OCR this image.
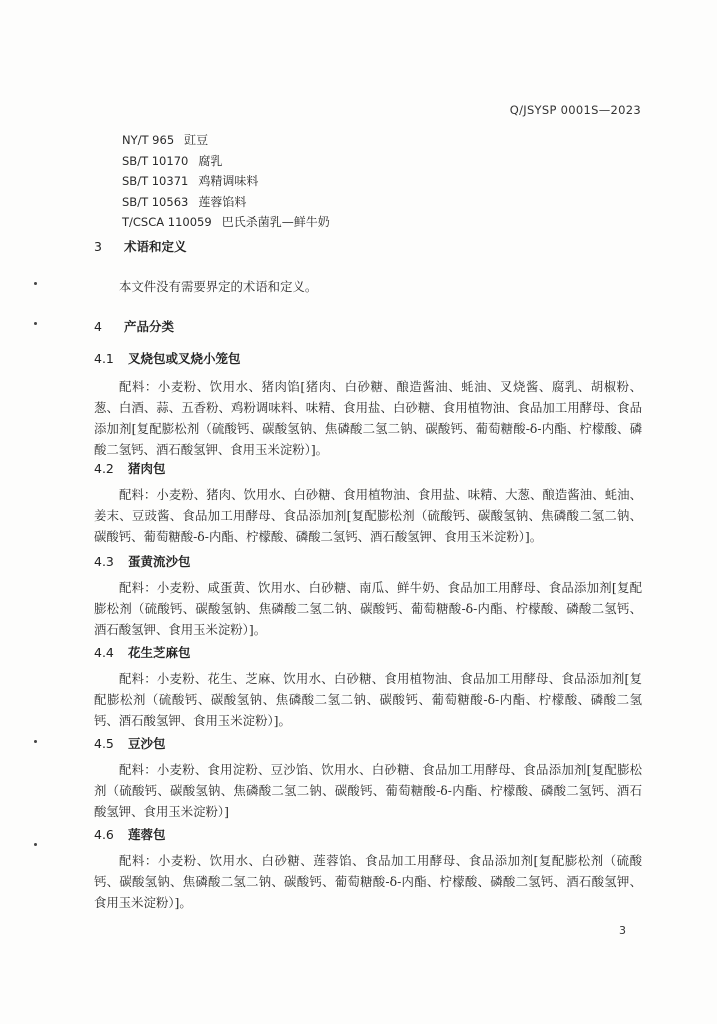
Q/JSYSP 0001S—2023
NY/T 965 豇豆
SB/T 10170 腐乳
SB/T 10371 鸡精调味料
SB/T 10563 莲蓉馅料
T/CSCA 110059 巴氏杀菌乳—鲜牛奶
3 术语和定义

本文件没有需要界定的术语和定义。

4 产品分类
4.1 叉烧包或叉烧小笼包

配料：小麦粉、饮用水、猪肉馅[猪肉、白砂糖、酿造酱油、蚝油、叉烧酱、腐乳、胡椒粉、葱、白酒、蒜、五香粉、鸡粉调味料、味精、食用盐、白砂糖、食用植物油、食品加工用酵母、食品添加剂[复配膨松剂（硫酸钙、碳酸氢钠、焦磷酸二氢二钠、碳酸钙、葡萄糖酸-δ-内酯、柠檬酸、磷酸二氢钙、酒石酸氢钾、食用玉米淀粉）]。

4.2 猪肉包

配料：小麦粉、猪肉、饮用水、白砂糖、食用植物油、食用盐、味精、大葱、酿造酱油、蚝油、姜末、豆豉酱、食品加工用酵母、食品添加剂[复配膨松剂（硫酸钙、碳酸氢钠、焦磷酸二氢二钠、碳酸钙、葡萄糖酸-δ-内酯、柠檬酸、磷酸二氢钙、酒石酸氢钾、食用玉米淀粉）]。

4.3 蛋黄流沙包

配料：小麦粉、咸蛋黄、饮用水、白砂糖、南瓜、鲜牛奶、食品加工用酵母、食品添加剂[复配膨松剂（硫酸钙、碳酸氢钠、焦磷酸二氢二钠、碳酸钙、葡萄糖酸-δ-内酯、柠檬酸、磷酸二氢钙、酒石酸氢钾、食用玉米淀粉）]。

4.4 花生芝麻包

配料：小麦粉、花生、芝麻、饮用水、白砂糖、食用植物油、食品加工用酵母、食品添加剂[复配膨松剂（硫酸钙、碳酸氢钠、焦磷酸二氢二钠、碳酸钙、葡萄糖酸-δ-内酯、柠檬酸、磷酸二氢钙、酒石酸氢钾、食用玉米淀粉）]。

4.5 豆沙包

配料：小麦粉、食用淀粉、豆沙馅、饮用水、白砂糖、食品加工用酵母、食品添加剂[复配膨松剂（硫酸钙、碳酸氢钠、焦磷酸二氢二钠、碳酸钙、葡萄糖酸-δ-内酯、柠檬酸、磷酸二氢钙、酒石酸氢钾、食用玉米淀粉）]

4.6 莲蓉包

配料：小麦粉、饮用水、白砂糖、莲蓉馅、食品加工用酵母、食品添加剂[复配膨松剂（硫酸钙、碳酸氢钠、焦磷酸二氢二钠、碳酸钙、葡萄糖酸-δ-内酯、柠檬酸、磷酸二氢钙、酒石酸氢钾、食用玉米淀粉）]。

3
